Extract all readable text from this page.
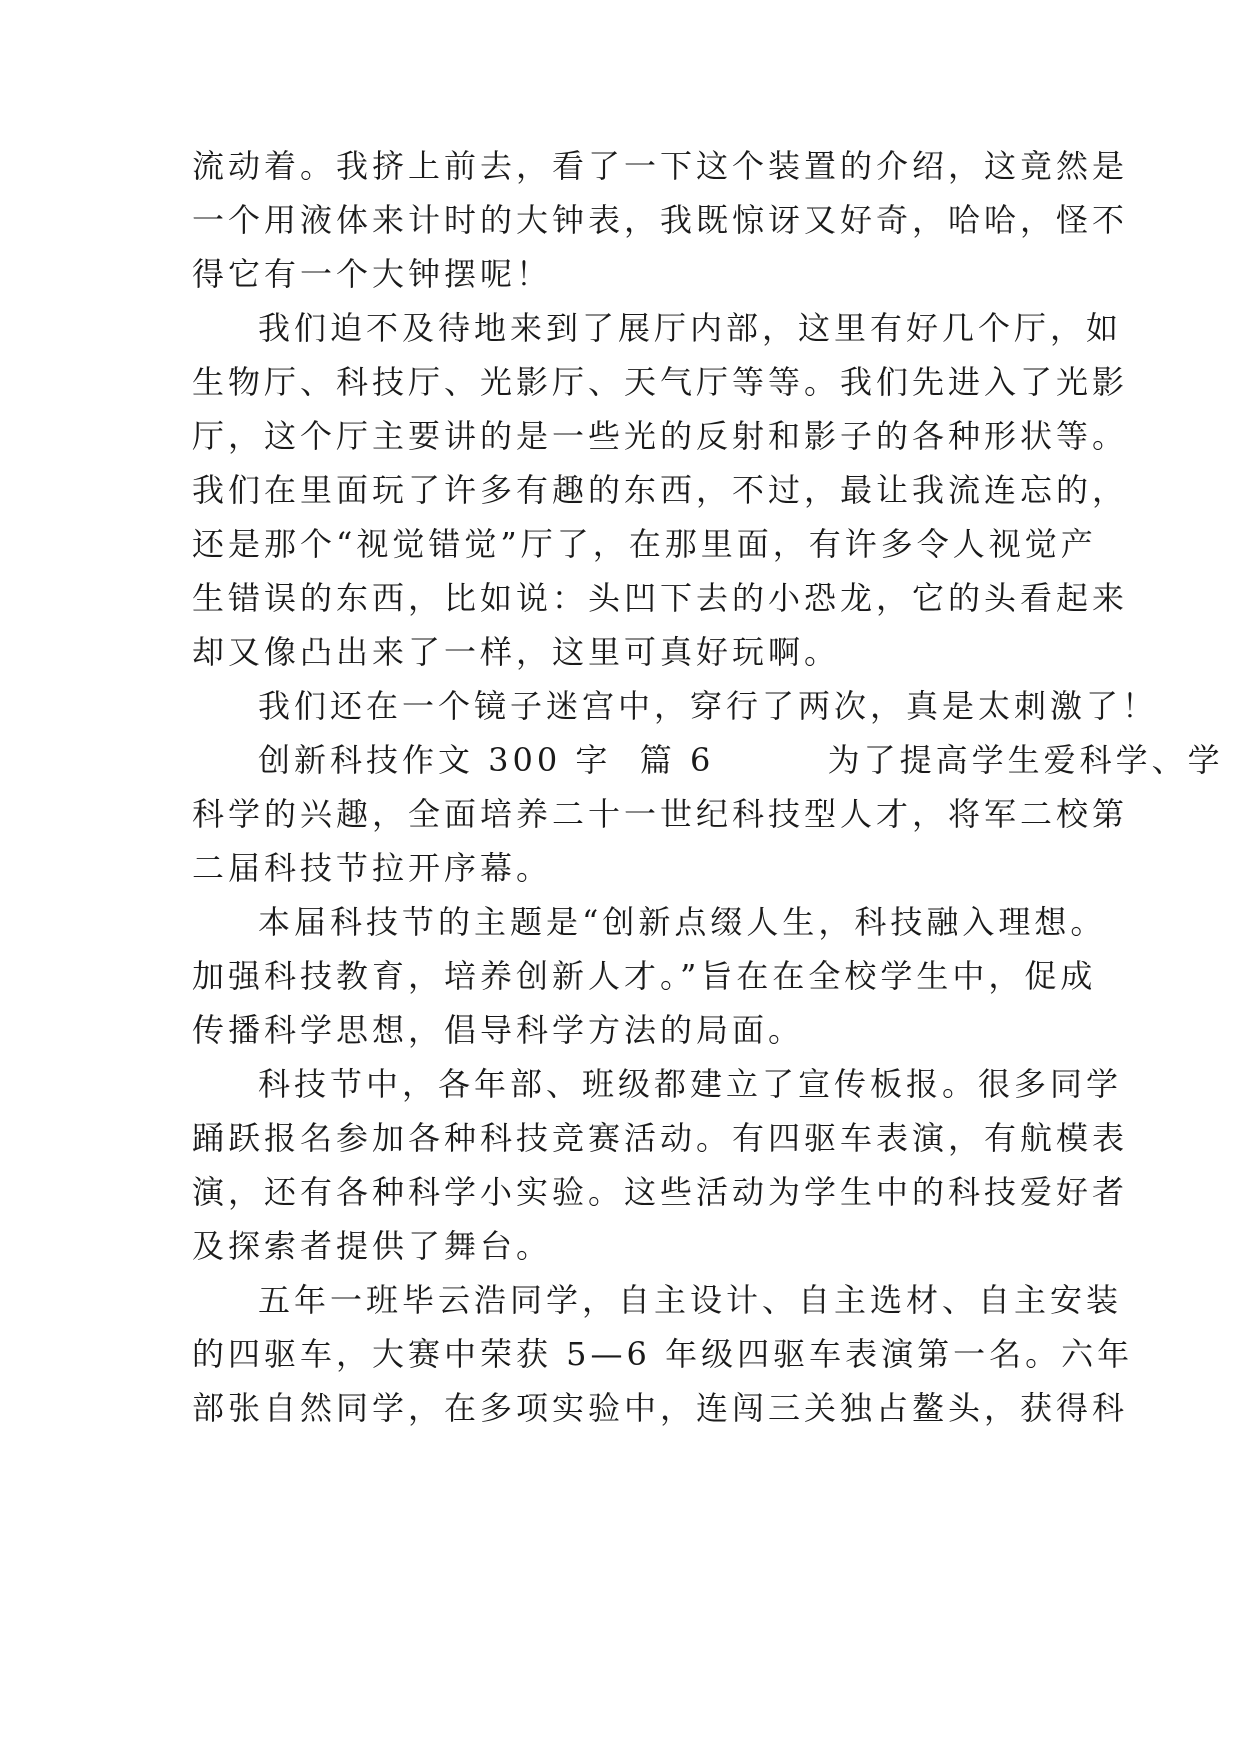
流动着。我挤上前去，看了一下这个装置的介绍，这竟然是
一个用液体来计时的大钟表，我既惊讶又好奇，哈哈，怪不
得它有一个大钟摆呢！
我们迫不及待地来到了展厅内部，这里有好几个厅，如
生物厅、科技厅、光影厅、天气厅等等。我们先进入了光影
厅，这个厅主要讲的是一些光的反射和影子的各种形状等。
我们在里面玩了许多有趣的东西，不过，最让我流连忘的，
还是那个“视觉错觉”厅了，在那里面，有许多令人视觉产
生错误的东西，比如说：头凹下去的小恐龙，它的头看起来
却又像凸出来了一样，这里可真好玩啊。
我们还在一个镜子迷宫中，穿行了两次，真是太刺激了！
创新科技作文 300 字  篇 6        为了提高学生爱科学、学
科学的兴趣，全面培养二十一世纪科技型人才，将军二校第
二届科技节拉开序幕。
本届科技节的主题是“创新点缀人生，科技融入理想。
加强科技教育，培养创新人才。”旨在在全校学生中，促成
传播科学思想，倡导科学方法的局面。
科技节中，各年部、班级都建立了宣传板报。很多同学
踊跃报名参加各种科技竞赛活动。有四驱车表演，有航模表
演，还有各种科学小实验。这些活动为学生中的科技爱好者
及探索者提供了舞台。
五年一班毕云浩同学，自主设计、自主选材、自主安装
的四驱车，大赛中荣获 5—6 年级四驱车表演第一名。六年
部张自然同学，在多项实验中，连闯三关独占鳌头，获得科
